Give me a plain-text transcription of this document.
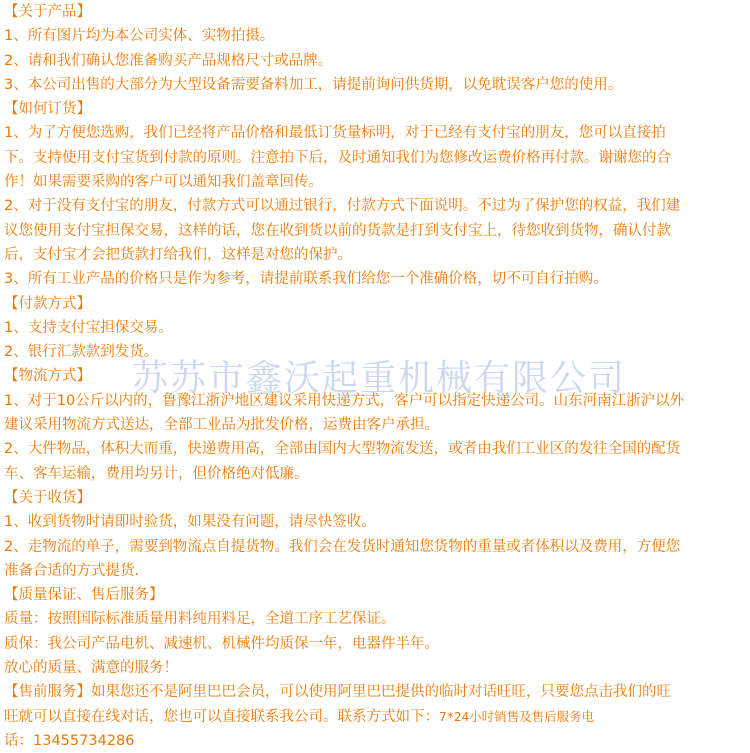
苏苏市鑫沃起重机械有限公司
【关于产品】
1、所有图片均为本公司实体、实物拍摄。
2、请和我们确认您准备购买产品规格尺寸或品牌。
3、本公司出售的大部分为大型设备需要备料加工，请提前询问供货期，以免耽误客户您的使用。
【如何订货】
1、为了方便您选购，我们已经将产品价格和最低订货量标明，对于已经有支付宝的朋友，您可以直接拍
下。支持使用支付宝货到付款的原则。注意拍下后，及时通知我们为您修改运费价格再付款。谢谢您的合
作！如果需要采购的客户可以通知我们盖章回传。
2、对于没有支付宝的朋友，付款方式可以通过银行，付款方式下面说明。不过为了保护您的权益，我们建
议您使用支付宝担保交易，这样的话，您在收到货以前的货款是打到支付宝上，待您收到货物，确认付款
后，支付宝才会把货款打给我们，这样是对您的保护。
3、所有工业产品的价格只是作为参考，请提前联系我们给您一个准确价格，切不可自行拍购。
【付款方式】
1、支持支付宝担保交易。
2、银行汇款款到发货。
【物流方式】
1、对于10公斤以内的，鲁豫江浙沪地区建议采用快递方式，客户可以指定快递公司。山东河南江浙沪以外
建议采用物流方式送达，全部工业品为批发价格，运费由客户承担。
2、大件物品，体积大而重，快递费用高，全部由国内大型物流发送，或者由我们工业区的发往全国的配货
车、客车运输，费用均另计，但价格绝对低廉。
【关于收货】
1、收到货物时请即时验货，如果没有问题，请尽快签收。
2、走物流的单子，需要到物流点自提货物。我们会在发货时通知您货物的重量或者体积以及费用，方便您
准备合适的方式提货.
【质量保证、售后服务】
质量：按照国际标准质量用料纯用料足，全道工序工艺保证。
质保：我公司产品电机、减速机、机械件均质保一年，电器件半年。
放心的质量、满意的服务！
【售前服务】如果您还不是阿里巴巴会员，可以使用阿里巴巴提供的临时对话旺旺，只要您点击我们的旺
旺就可以直接在线对话，您也可以直接联系我公司。联系方式如下：7*24小时销售及售后服务电
话：13455734286
